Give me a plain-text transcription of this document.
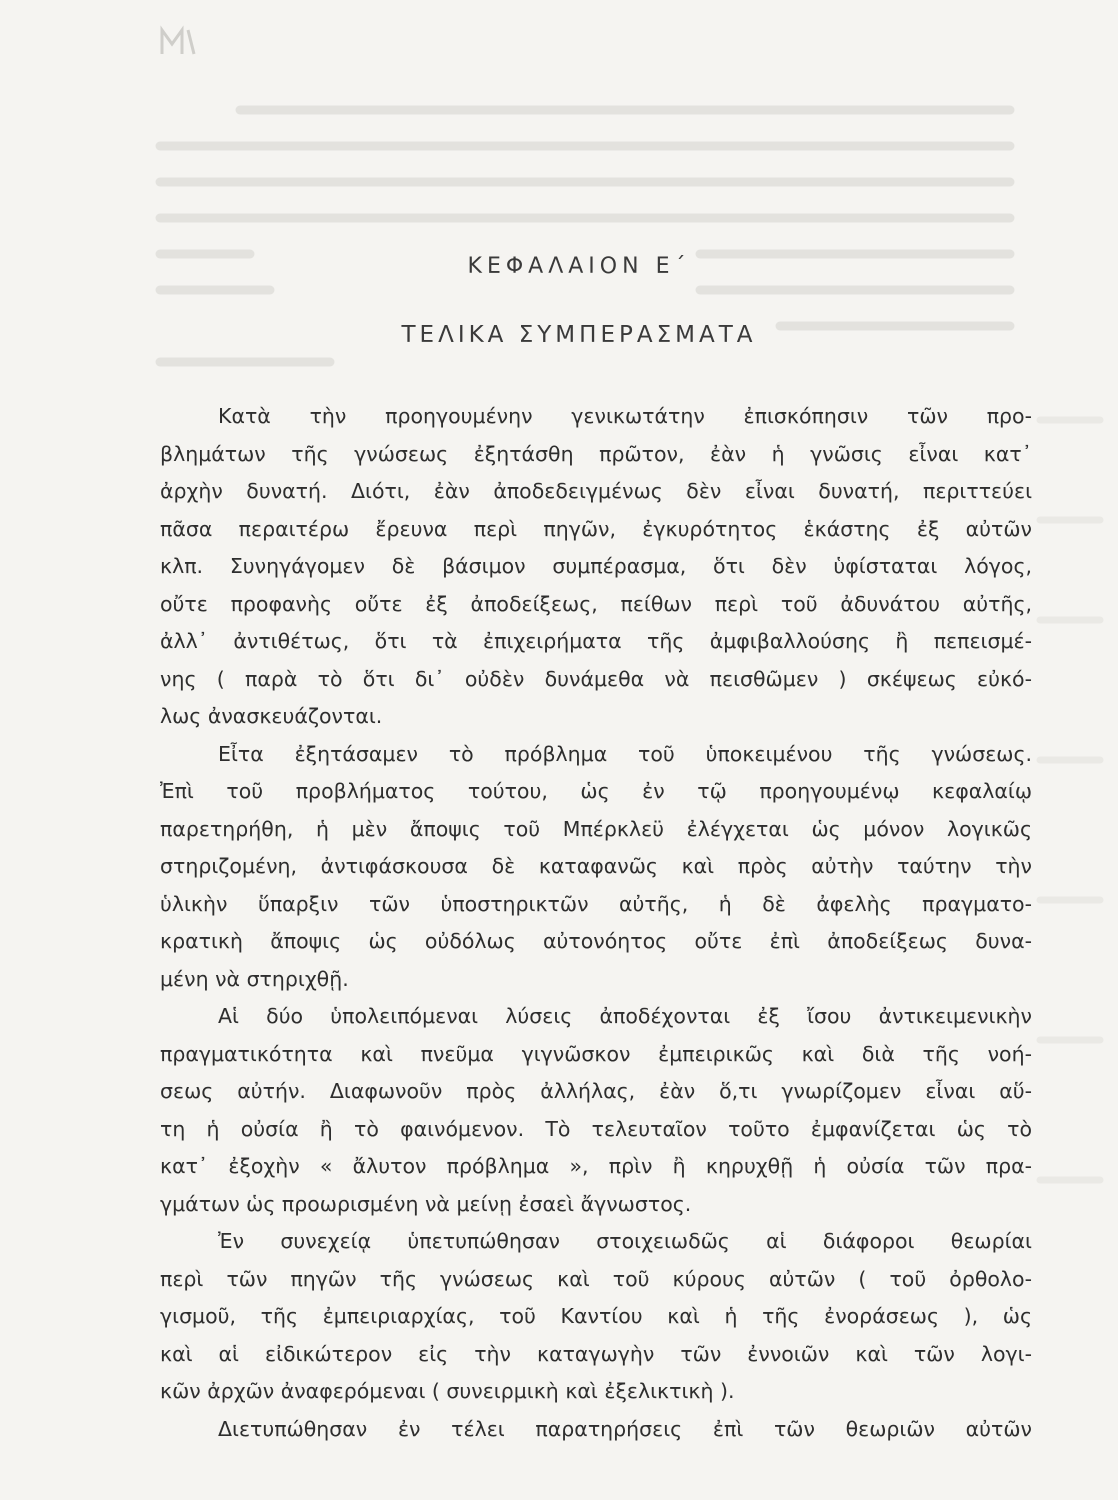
ΚΕΦΑΛΑΙΟΝ Ε΄
ΤΕΛΙΚΑ ΣΥΜΠΕΡΑΣΜΑΤΑ
Κατὰ τὴν προηγουμένην γενικωτάτην ἐπισκόπησιν τῶν προ-
βλημάτων τῆς γνώσεως ἐξητάσθη πρῶτον, ἐὰν ἡ γνῶσις εἶναι κατ᾽
ἀρχὴν δυνατή. Διότι, ἐὰν ἀποδεδειγμένως δὲν εἶναι δυνατή, περιττεύει
πᾶσα περαιτέρω ἔρευνα περὶ πηγῶν, ἐγκυρότητος ἑκάστης ἐξ αὐτῶν
κλπ. Συνηγάγομεν δὲ βάσιμον συμπέρασμα, ὅτι δὲν ὑφίσταται λόγος,
οὔτε προφανὴς οὔτε ἐξ ἀποδείξεως, πείθων περὶ τοῦ ἀδυνάτου αὐτῆς,
ἀλλ᾽ ἀντιθέτως, ὅτι τὰ ἐπιχειρήματα τῆς ἀμφιβαλλούσης ἢ πεπεισμέ-
νης ( παρὰ τὸ ὅτι δι᾽ οὐδὲν δυνάμεθα νὰ πεισθῶμεν ) σκέψεως εὐκό-
λως ἀνασκευάζονται.
Εἶτα ἐξητάσαμεν τὸ πρόβλημα τοῦ ὑποκειμένου τῆς γνώσεως.
Ἐπὶ τοῦ προβλήματος τούτου, ὡς ἐν τῷ προηγουμένῳ κεφαλαίῳ
παρετηρήθη, ἡ μὲν ἄποψις τοῦ Μπέρκλεϋ ἐλέγχεται ὡς μόνον λογικῶς
στηριζομένη, ἀντιφάσκουσα δὲ καταφανῶς καὶ πρὸς αὐτὴν ταύτην τὴν
ὑλικὴν ὕπαρξιν τῶν ὑποστηρικτῶν αὐτῆς, ἡ δὲ ἀφελὴς πραγματο-
κρατικὴ ἄποψις ὡς οὐδόλως αὐτονόητος οὔτε ἐπὶ ἀποδείξεως δυνα-
μένη νὰ στηριχθῇ.
Αἱ δύο ὑπολειπόμεναι λύσεις ἀποδέχονται ἐξ ἴσου ἀντικειμενικὴν
πραγματικότητα καὶ πνεῦμα γιγνῶσκον ἐμπειρικῶς καὶ διὰ τῆς νοή-
σεως αὐτήν. Διαφωνοῦν πρὸς ἀλλήλας, ἐὰν ὅ,τι γνωρίζομεν εἶναι αὕ-
τη ἡ οὐσία ἢ τὸ φαινόμενον. Τὸ τελευταῖον τοῦτο ἐμφανίζεται ὡς τὸ
κατ᾽ ἐξοχὴν « ἄλυτον πρόβλημα », πρὶν ἢ κηρυχθῇ ἡ οὐσία τῶν πρα-
γμάτων ὡς προωρισμένη νὰ μείνῃ ἐσαεὶ ἄγνωστος.
Ἐν συνεχείᾳ ὑπετυπώθησαν στοιχειωδῶς αἱ διάφοροι θεωρίαι
περὶ τῶν πηγῶν τῆς γνώσεως καὶ τοῦ κύρους αὐτῶν ( τοῦ ὀρθολο-
γισμοῦ, τῆς ἐμπειριαρχίας, τοῦ Καντίου καὶ ἡ τῆς ἐνοράσεως ), ὡς
καὶ αἱ εἰδικώτερον εἰς τὴν καταγωγὴν τῶν ἐννοιῶν καὶ τῶν λογι-
κῶν ἀρχῶν ἀναφερόμεναι ( συνειρμικὴ καὶ ἐξελικτικὴ ).
Διετυπώθησαν ἐν τέλει παρατηρήσεις ἐπὶ τῶν θεωριῶν αὐτῶν
